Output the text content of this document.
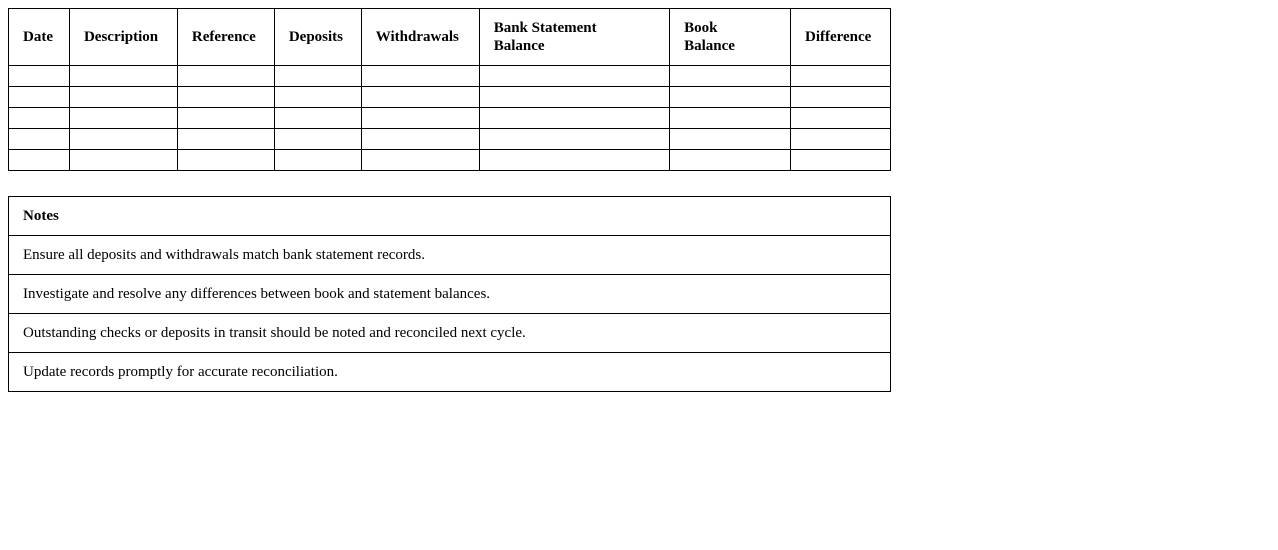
Date	Description	Reference	Deposits	Withdrawals	Bank Statement Balance	Book Balance	Difference

Notes
Ensure all deposits and withdrawals match bank statement records.
Investigate and resolve any differences between book and statement balances.
Outstanding checks or deposits in transit should be noted and reconciled next cycle.
Update records promptly for accurate reconciliation.
